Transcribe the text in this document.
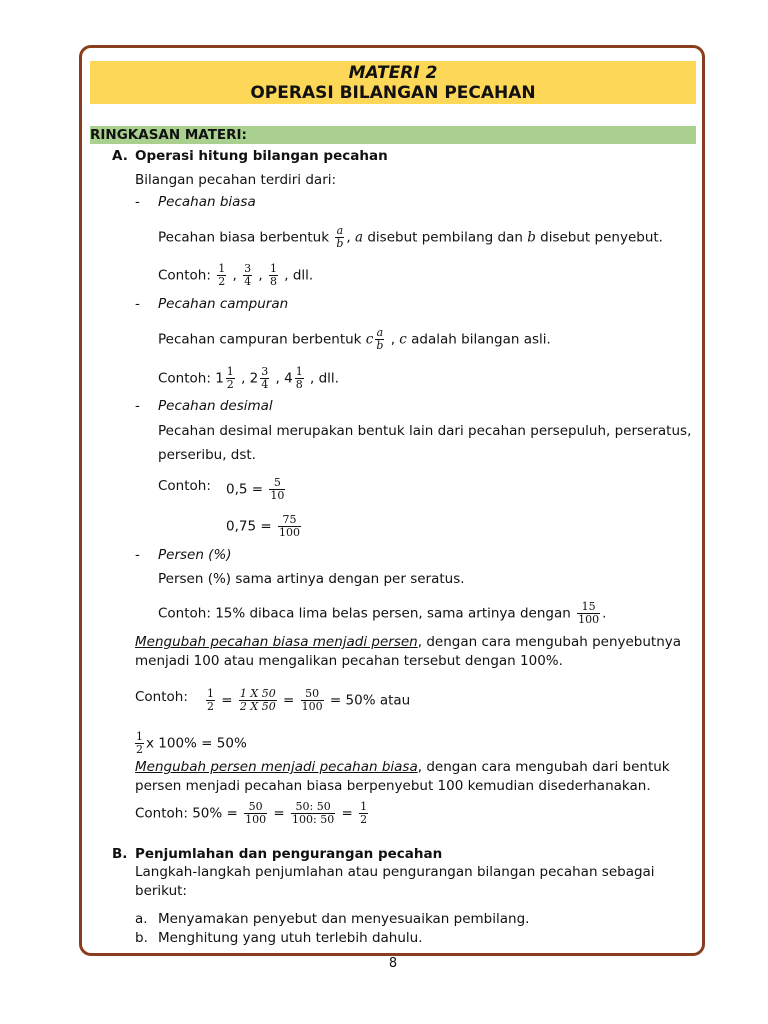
MATERI 2
OPERASI BILANGAN PECAHAN
RINGKASAN MATERI:
A. Operasi hitung bilangan pecahan
Bilangan pecahan terdiri dari:
- Pecahan biasa
Pecahan biasa berbentuk $\frac{a}{b}$ , a disebut pembilang dan b disebut penyebut.
Contoh: $\frac{1}{2}$ , $\frac{3}{4}$ , $\frac{1}{8}$ , dll.
- Pecahan campuran
Pecahan campuran berbentuk c $\frac{a}{b}$ , c adalah bilangan asli.
Contoh: $1 \frac{1}{2}$ , $2 \frac{3}{4}$ , $4 \frac{1}{8}$ , dll.
- Pecahan desimal
Pecahan desimal merupakan bentuk lain dari pecahan persepuluh, perseratus,
perseribu, dst.
Contoh: $0,5 = \frac{5}{10}$
$0,75 = \frac{75}{100}$
- Persen (%)
Persen (%) sama artinya dengan per seratus.
Contoh: 15% dibaca lima belas persen, sama artinya dengan $\frac{15}{100}$ .
Mengubah pecahan biasa menjadi persen, dengan cara mengubah penyebutnya
menjadi 100 atau mengalikan pecahan tersebut dengan 100%.
Contoh: $\frac{1}{2} = \frac{1 X 50}{2 X 50} = \frac{50}{100} = 50\%$ atau
$\frac{1}{2}$ x 100% = 50%
Mengubah persen menjadi pecahan biasa, dengan cara mengubah dari bentuk
persen menjadi pecahan biasa berpenyebut 100 kemudian disederhanakan.
Contoh: $50\% = \frac{50}{100} = \frac{50: 50}{100: 50} = \frac{1}{2}$
B. Penjumlahan dan pengurangan pecahan
Langkah-langkah penjumlahan atau pengurangan bilangan pecahan sebagai
berikut:
a. Menyamakan penyebut dan menyesuaikan pembilang.
b. Menghitung yang utuh terlebih dahulu.
8
